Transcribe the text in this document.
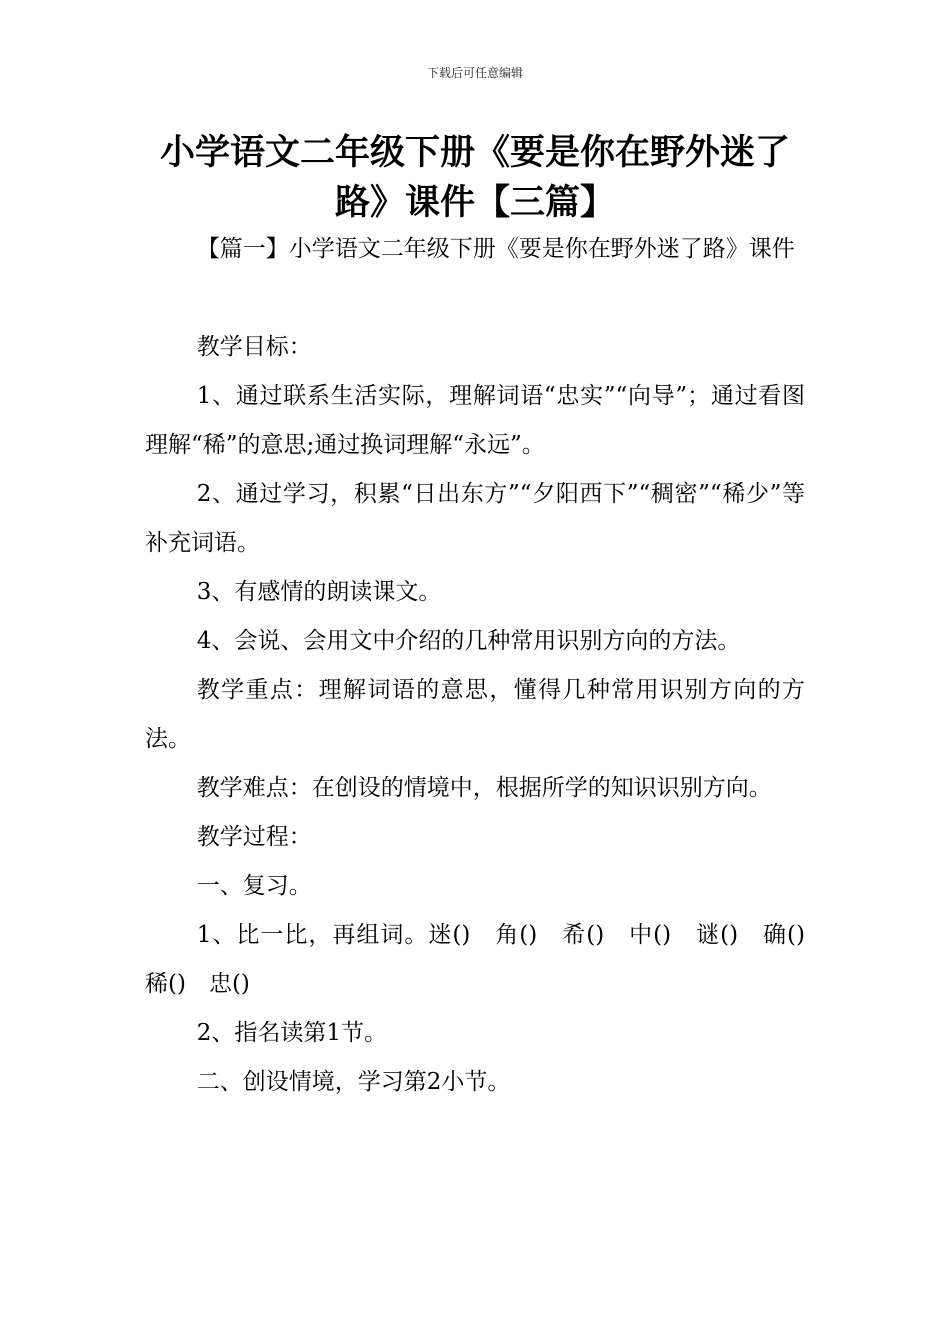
下载后可任意编辑
小学语文二年级下册《要是你在野外迷了路》课件【三篇】

【篇一】小学语文二年级下册《要是你在野外迷了路》课件

教学目标：

1、通过联系生活实际，理解词语“忠实”“向导”；通过看图理解“稀”的意思;通过换词理解“永远”。

2、通过学习，积累“日出东方”“夕阳西下”“稠密”“稀少”等补充词语。

3、有感情的朗读课文。

4、会说、会用文中介绍的几种常用识别方向的方法。

教学重点：理解词语的意思，懂得几种常用识别方向的方法。

教学难点：在创设的情境中，根据所学的知识识别方向。

教学过程：

一、复习。

1、比一比，再组词。迷()　角()　希()　中()　谜()　确()　稀()　忠()

2、指名读第1节。

二、创设情境，学习第2小节。
